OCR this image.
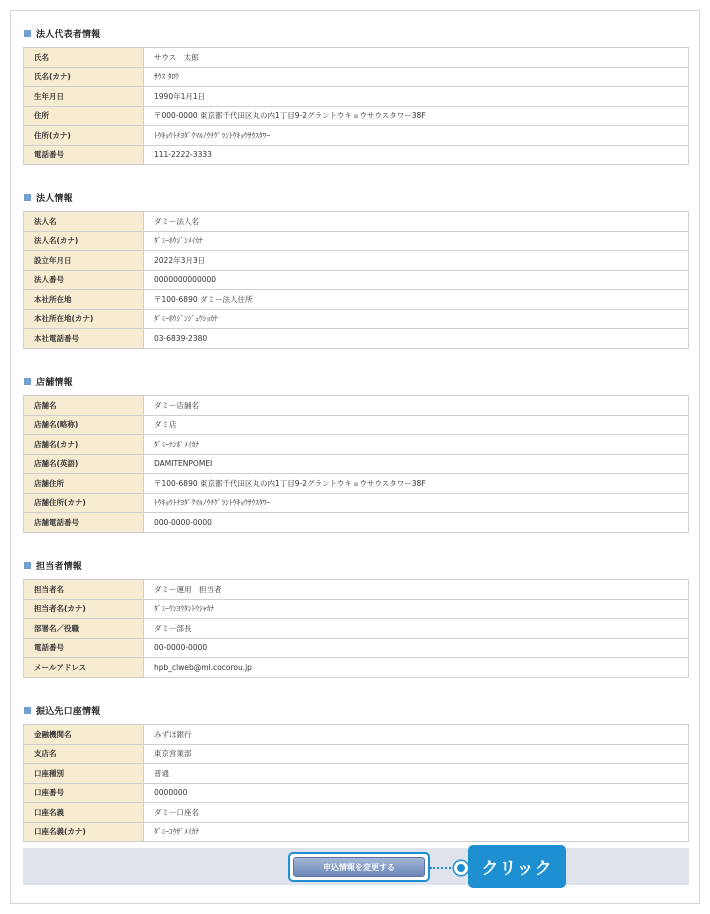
法人代表者情報
氏名	サウス　太郎
氏名(カナ)	ｻｳｽ ﾀﾛｳ
生年月日	1990年1月1日
住所	〒000-0000 東京都千代田区丸の内1丁目9-2グラントウキョウサウスタワー38F
住所(カナ)	ﾄｳｷｮｳﾄﾁﾖﾀﾞｸﾏﾙﾉｳﾁｸﾞﾗﾝﾄｳｷｮｳｻｳｽﾀﾜｰ
電話番号	111-2222-3333
法人情報
法人名	ダミー法人名
法人名(カナ)	ﾀﾞﾐｰﾎｳｼﾞﾝﾒｲｶﾅ
設立年月日	2022年3月3日
法人番号	0000000000000
本社所在地	〒100-6890 ダミー法人住所
本社所在地(カナ)	ﾀﾞﾐｰﾎｳｼﾞﾝｼﾞｭｳｼｮｶﾅ
本社電話番号	03-6839-2380
店舗情報
店舗名	ダミー店舗名
店舗名(略称)	ダミ店
店舗名(カナ)	ﾀﾞﾐｰﾃﾝﾎﾟﾒｲｶﾅ
店舗名(英語)	DAMITENPOMEI
店舗住所	〒100-6890 東京都千代田区丸の内1丁目9-2グラントウキョウサウスタワー38F
店舗住所(カナ)	ﾄｳｷｮｳﾄﾁﾖﾀﾞｸﾏﾙﾉｳﾁｸﾞﾗﾝﾄｳｷｮｳｻｳｽﾀﾜｰ
店舗電話番号	000-0000-0000
担当者情報
担当者名	ダミー運用　担当者
担当者名(カナ)	ﾀﾞﾐｰｳﾝﾖｳﾀﾝﾄｳｼｬｶﾅ
部署名／役職	ダミー部長
電話番号	00-0000-0000
メールアドレス	hpb_clweb@ml.cocorou.jp
振込先口座情報
金融機関名	みずほ銀行
支店名	東京営業部
口座種別	普通
口座番号	0000000
口座名義	ダミー口座名
口座名義(カナ)	ﾀﾞﾐｰｺｳｻﾞﾒｲｶﾅ
申込情報を変更する	クリック
